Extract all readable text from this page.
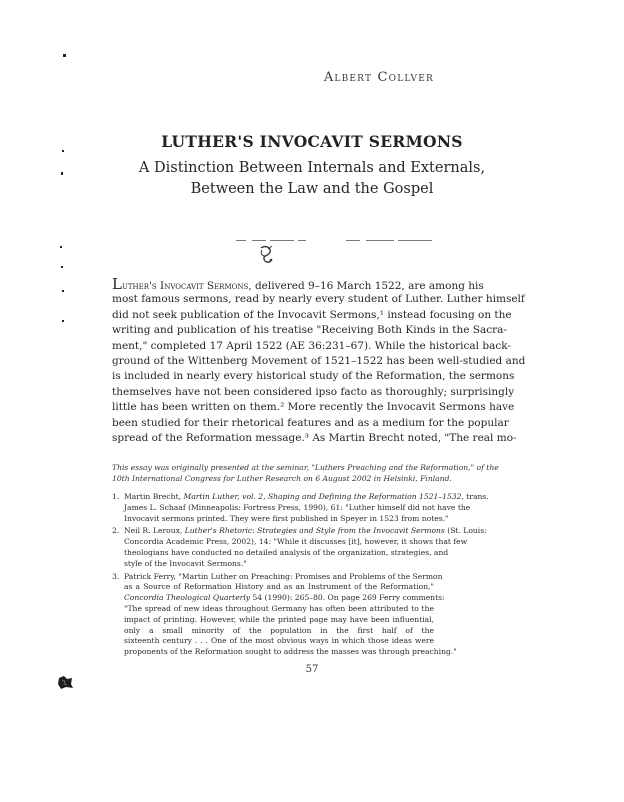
Albert Collver
LUTHER'S INVOCAVIT SERMONS
A Distinction Between Internals and Externals,
Between the Law and the Gospel
Luther's Invocavit Sermons, delivered 9–16 March 1522, are among his
most famous sermons, read by nearly every student of Luther. Luther himself
did not seek publication of the Invocavit Sermons,¹ instead focusing on the
writing and publication of his treatise "Receiving Both Kinds in the Sacra-
ment," completed 17 April 1522 (AE 36:231–67). While the historical back-
ground of the Wittenberg Movement of 1521–1522 has been well-studied and
is included in nearly every historical study of the Reformation, the sermons
themselves have not been considered ipso facto as thoroughly; surprisingly
little has been written on them.² More recently the Invocavit Sermons have
been studied for their rhetorical features and as a medium for the popular
spread of the Reformation message.³ As Martin Brecht noted, "The real mo-
This essay was originally presented at the seminar, "Luthers Preaching and the Reformation," of the
10th International Congress for Luther Research on 6 August 2002 in Helsinki, Finland.
1. Martin Brecht, Martin Luther, vol. 2, Shaping and Defining the Reformation 1521–1532, trans.
James L. Schaaf (Minneapolis: Fortress Press, 1990), 61: "Luther himself did not have the
Invocavit sermons printed. They were first published in Speyer in 1523 from notes."
2. Neil R. Leroux, Luther's Rhetoric: Strategies and Style from the Invocavit Sermons (St. Louis:
Concordia Academic Press, 2002), 14: "While it discusses [it], however, it shows that few
theologians have conducted no detailed analysis of the organization, strategies, and
style of the Invocavit Sermons."
3. Patrick Ferry, "Martin Luther on Preaching: Promises and Problems of the Sermon
as a Source of Reformation History and as an Instrument of the Reformation,"
Concordia Theological Quarterly 54 (1990): 265–80. On page 269 Ferry comments:
"The spread of new ideas throughout Germany has often been attributed to the
impact of printing. However, while the printed page may have been influential,
only a small minority of the population in the first half of the
sixteenth century . . . One of the most obvious ways in which those ideas were
proponents of the Reformation sought to address the masses was through preaching."
57
